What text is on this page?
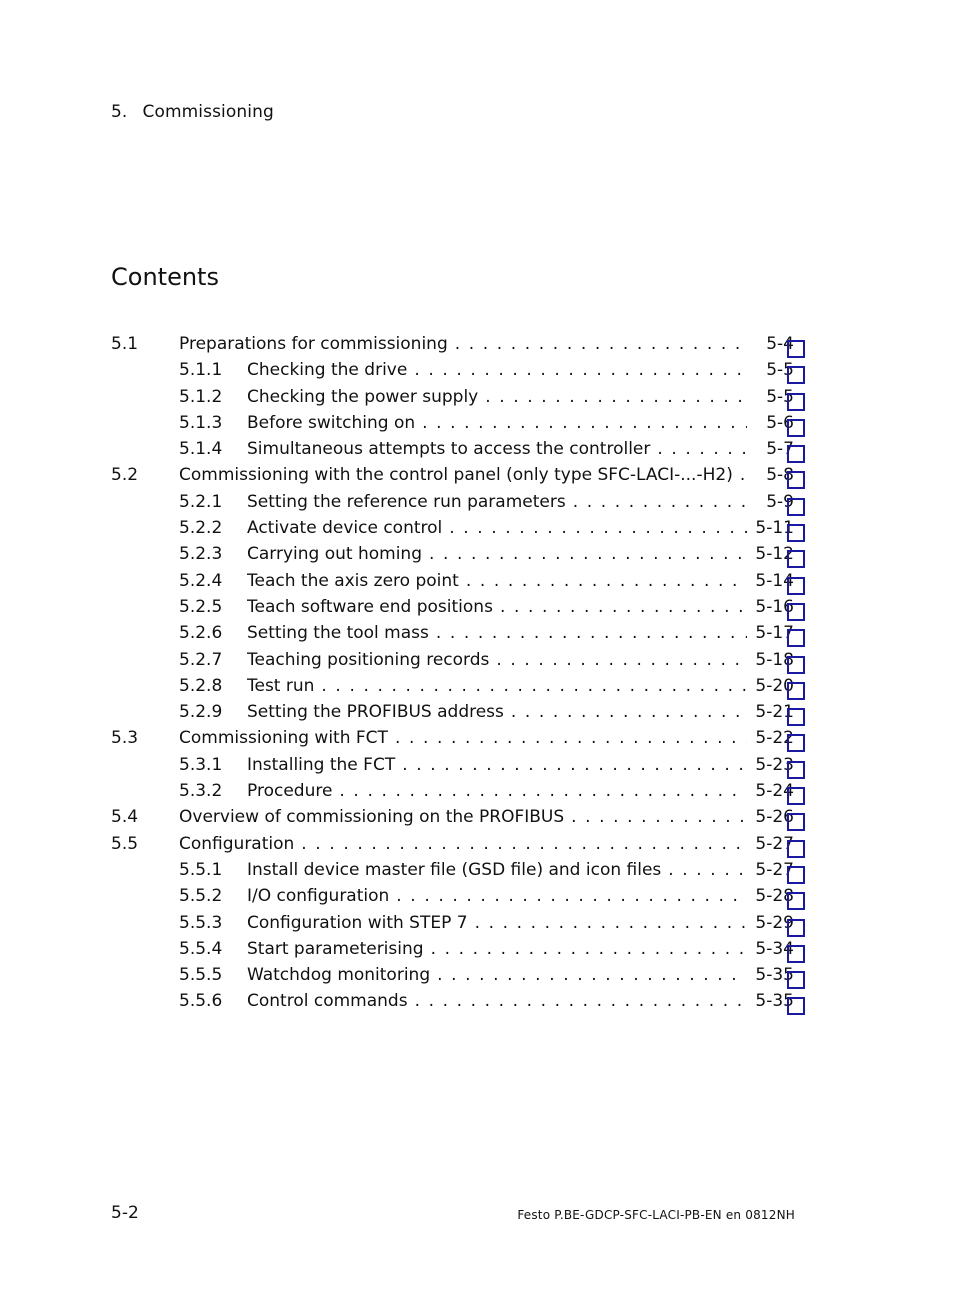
5. Commissioning
Contents
5.1 Preparations for commissioning . . .	5-4
5.1.1 Checking the drive . . .	5-5
5.1.2 Checking the power supply . . .	5-5
5.1.3 Before switching on . . .	5-6
5.1.4 Simultaneous attempts to access the controller . . .	5-7
5.2 Commissioning with the control panel (only type SFC-LACI-...-H2) . . .	5-8
5.2.1 Setting the reference run parameters . . .	5-9
5.2.2 Activate device control . . .	5-11
5.2.3 Carrying out homing . . .	5-12
5.2.4 Teach the axis zero point . . .	5-14
5.2.5 Teach software end positions . . .	5-16
5.2.6 Setting the tool mass . . .	5-17
5.2.7 Teaching positioning records . . .	5-18
5.2.8 Test run . . .	5-20
5.2.9 Setting the PROFIBUS address . . .	5-21
5.3 Commissioning with FCT . . .	5-22
5.3.1 Installing the FCT . . .	5-23
5.3.2 Procedure . . .	5-24
5.4 Overview of commissioning on the PROFIBUS . . .	5-26
5.5 Configuration . . .	5-27
5.5.1 Install device master file (GSD file) and icon files . . .	5-27
5.5.2 I/O configuration . . .	5-28
5.5.3 Configuration with STEP 7 . . .	5-29
5.5.4 Start parameterising . . .	5-34
5.5.5 Watchdog monitoring . . .	5-35
5.5.6 Control commands . . .	5-35
5-2	Festo P.BE-GDCP-SFC-LACI-PB-EN en 0812NH
